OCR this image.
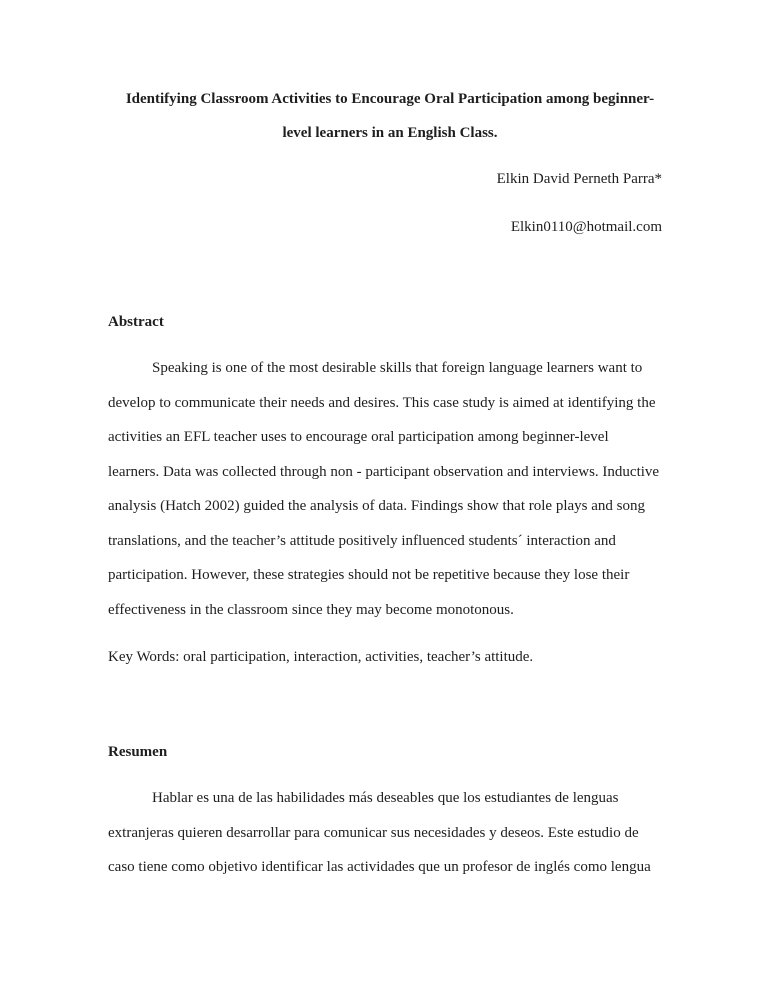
Identifying Classroom Activities to Encourage Oral Participation among beginner-
level learners in an English Class.
Elkin David Perneth Parra*
Elkin0110@hotmail.com
Abstract
Speaking is one of the most desirable skills that foreign language learners want to
develop to communicate their needs and desires. This case study is aimed at identifying the
activities an EFL teacher uses to encourage oral participation among beginner-level
learners. Data was collected through non - participant observation and interviews. Inductive
analysis (Hatch 2002) guided the analysis of data. Findings show that role plays and song
translations, and the teacher’s attitude positively influenced students´ interaction and
participation. However, these strategies should not be repetitive because they lose their
effectiveness in the classroom since they may become monotonous.
Key Words: oral participation, interaction, activities, teacher’s attitude.
Resumen
Hablar es una de las habilidades más deseables que los estudiantes de lenguas
extranjeras quieren desarrollar para comunicar sus necesidades y deseos. Este estudio de
caso tiene como objetivo identificar las actividades que un profesor de inglés como lengua
